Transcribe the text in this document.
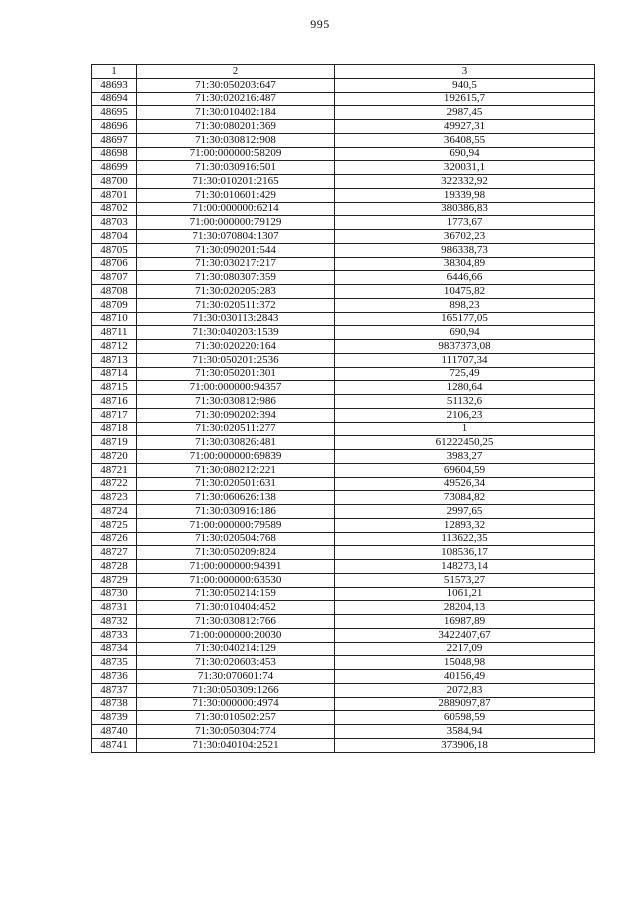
995
1	2	3
48693	71:30:050203:647	940,5
48694	71:30:020216:487	192615,7
48695	71:30:010402:184	2987,45
48696	71:30:080201:369	49927,31
48697	71:30:030812:908	36408,55
48698	71:00:000000:58209	690,94
48699	71:30:030916:501	320031,1
48700	71:30:010201:2165	322332,92
48701	71:30:010601:429	19339,98
48702	71:00:000000:6214	380386,83
48703	71:00:000000:79129	1773,67
48704	71:30:070804:1307	36702,23
48705	71:30:090201:544	986338,73
48706	71:30:030217:217	38304,89
48707	71:30:080307:359	6446,66
48708	71:30:020205:283	10475,82
48709	71:30:020511:372	898,23
48710	71:30:030113:2843	165177,05
48711	71:30:040203:1539	690,94
48712	71:30:020220:164	9837373,08
48713	71:30:050201:2536	111707,34
48714	71:30:050201:301	725,49
48715	71:00:000000:94357	1280,64
48716	71:30:030812:986	51132,6
48717	71:30:090202:394	2106,23
48718	71:30:020511:277	1
48719	71:30:030826:481	61222450,25
48720	71:00:000000:69839	3983,27
48721	71:30:080212:221	69604,59
48722	71:30:020501:631	49526,34
48723	71:30:060626:138	73084,82
48724	71:30:030916:186	2997,65
48725	71:00:000000:79589	12893,32
48726	71:30:020504:768	113622,35
48727	71:30:050209:824	108536,17
48728	71:00:000000:94391	148273,14
48729	71:00:000000:63530	51573,27
48730	71:30:050214:159	1061,21
48731	71:30:010404:452	28204,13
48732	71:30:030812:766	16987,89
48733	71:00:000000:20030	3422407,67
48734	71:30:040214:129	2217,09
48735	71:30:020603:453	15048,98
48736	71:30:070601:74	40156,49
48737	71:30:050309:1266	2072,83
48738	71:30:000000:4974	2889097,87
48739	71:30:010502:257	60598,59
48740	71:30:050304:774	3584,94
48741	71:30:040104:2521	373906,18
